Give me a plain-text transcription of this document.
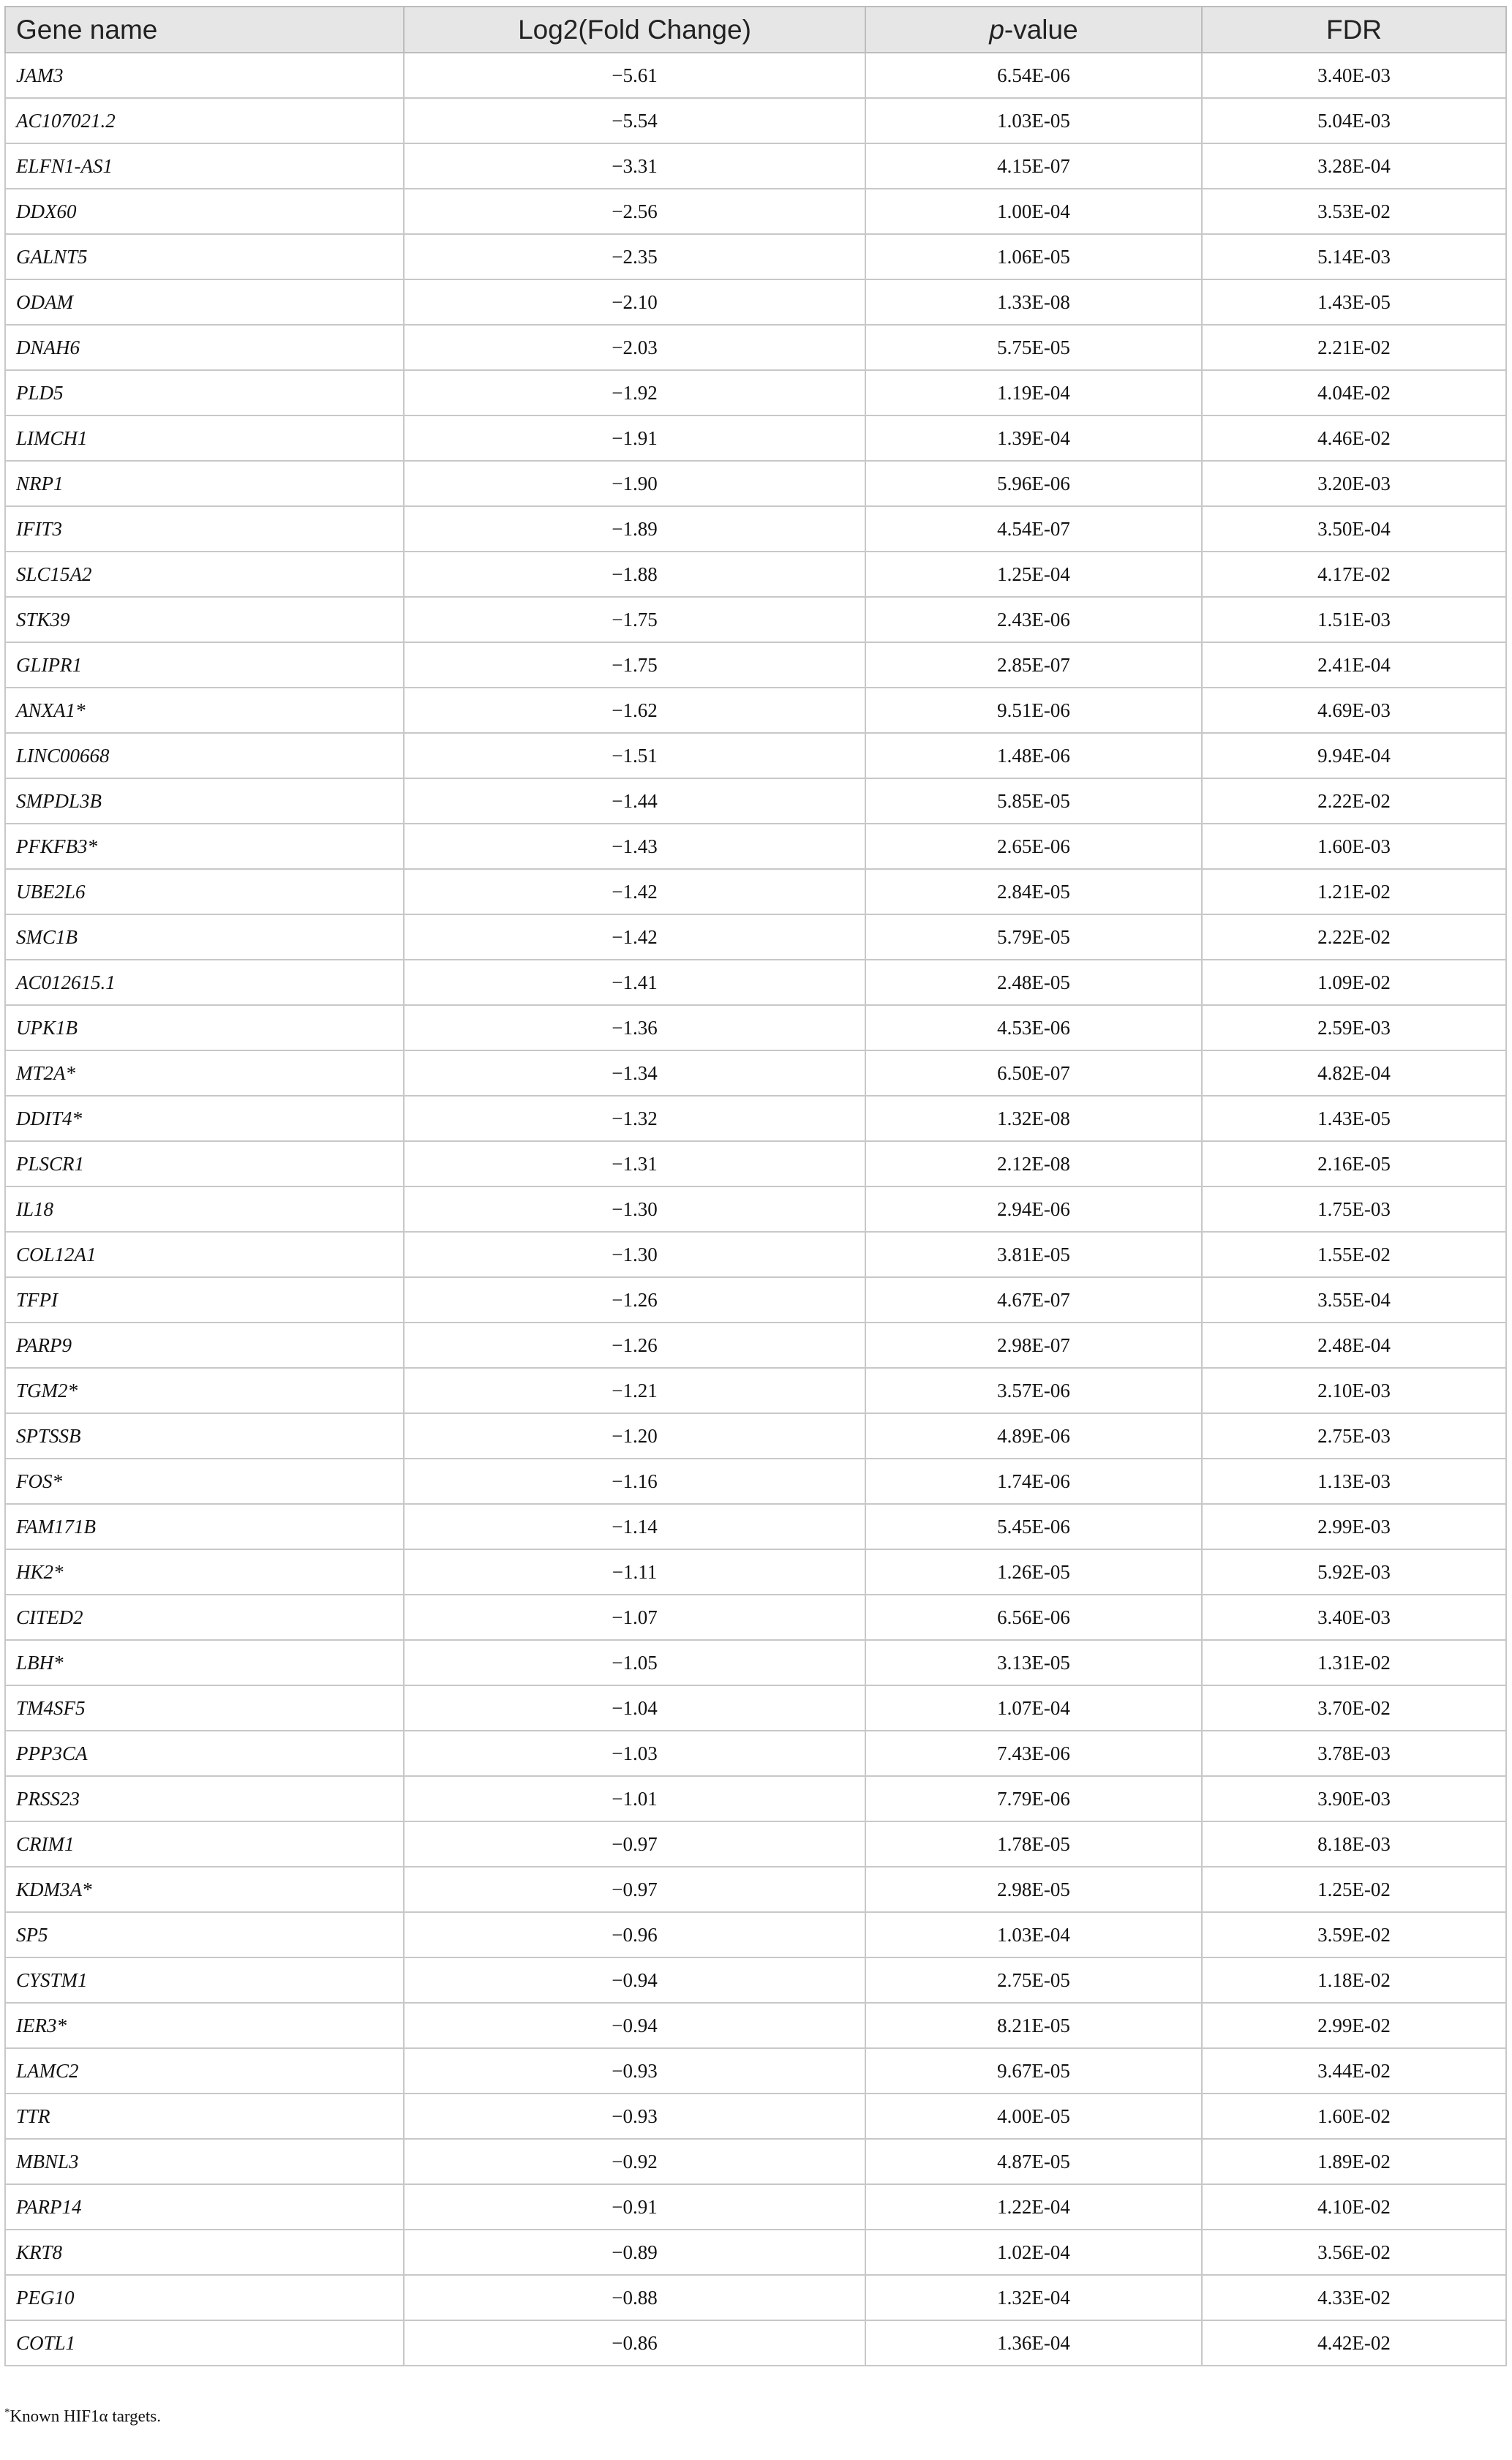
Gene name	Log2(Fold Change)	p-value	FDR
JAM3	−5.61	6.54E-06	3.40E-03
AC107021.2	−5.54	1.03E-05	5.04E-03
ELFN1-AS1	−3.31	4.15E-07	3.28E-04
DDX60	−2.56	1.00E-04	3.53E-02
GALNT5	−2.35	1.06E-05	5.14E-03
ODAM	−2.10	1.33E-08	1.43E-05
DNAH6	−2.03	5.75E-05	2.21E-02
PLD5	−1.92	1.19E-04	4.04E-02
LIMCH1	−1.91	1.39E-04	4.46E-02
NRP1	−1.90	5.96E-06	3.20E-03
IFIT3	−1.89	4.54E-07	3.50E-04
SLC15A2	−1.88	1.25E-04	4.17E-02
STK39	−1.75	2.43E-06	1.51E-03
GLIPR1	−1.75	2.85E-07	2.41E-04
ANXA1*	−1.62	9.51E-06	4.69E-03
LINC00668	−1.51	1.48E-06	9.94E-04
SMPDL3B	−1.44	5.85E-05	2.22E-02
PFKFB3*	−1.43	2.65E-06	1.60E-03
UBE2L6	−1.42	2.84E-05	1.21E-02
SMC1B	−1.42	5.79E-05	2.22E-02
AC012615.1	−1.41	2.48E-05	1.09E-02
UPK1B	−1.36	4.53E-06	2.59E-03
MT2A*	−1.34	6.50E-07	4.82E-04
DDIT4*	−1.32	1.32E-08	1.43E-05
PLSCR1	−1.31	2.12E-08	2.16E-05
IL18	−1.30	2.94E-06	1.75E-03
COL12A1	−1.30	3.81E-05	1.55E-02
TFPI	−1.26	4.67E-07	3.55E-04
PARP9	−1.26	2.98E-07	2.48E-04
TGM2*	−1.21	3.57E-06	2.10E-03
SPTSSB	−1.20	4.89E-06	2.75E-03
FOS*	−1.16	1.74E-06	1.13E-03
FAM171B	−1.14	5.45E-06	2.99E-03
HK2*	−1.11	1.26E-05	5.92E-03
CITED2	−1.07	6.56E-06	3.40E-03
LBH*	−1.05	3.13E-05	1.31E-02
TM4SF5	−1.04	1.07E-04	3.70E-02
PPP3CA	−1.03	7.43E-06	3.78E-03
PRSS23	−1.01	7.79E-06	3.90E-03
CRIM1	−0.97	1.78E-05	8.18E-03
KDM3A*	−0.97	2.98E-05	1.25E-02
SP5	−0.96	1.03E-04	3.59E-02
CYSTM1	−0.94	2.75E-05	1.18E-02
IER3*	−0.94	8.21E-05	2.99E-02
LAMC2	−0.93	9.67E-05	3.44E-02
TTR	−0.93	4.00E-05	1.60E-02
MBNL3	−0.92	4.87E-05	1.89E-02
PARP14	−0.91	1.22E-04	4.10E-02
KRT8	−0.89	1.02E-04	3.56E-02
PEG10	−0.88	1.32E-04	4.33E-02
COTL1	−0.86	1.36E-04	4.42E-02
*Known HIF1α targets.
